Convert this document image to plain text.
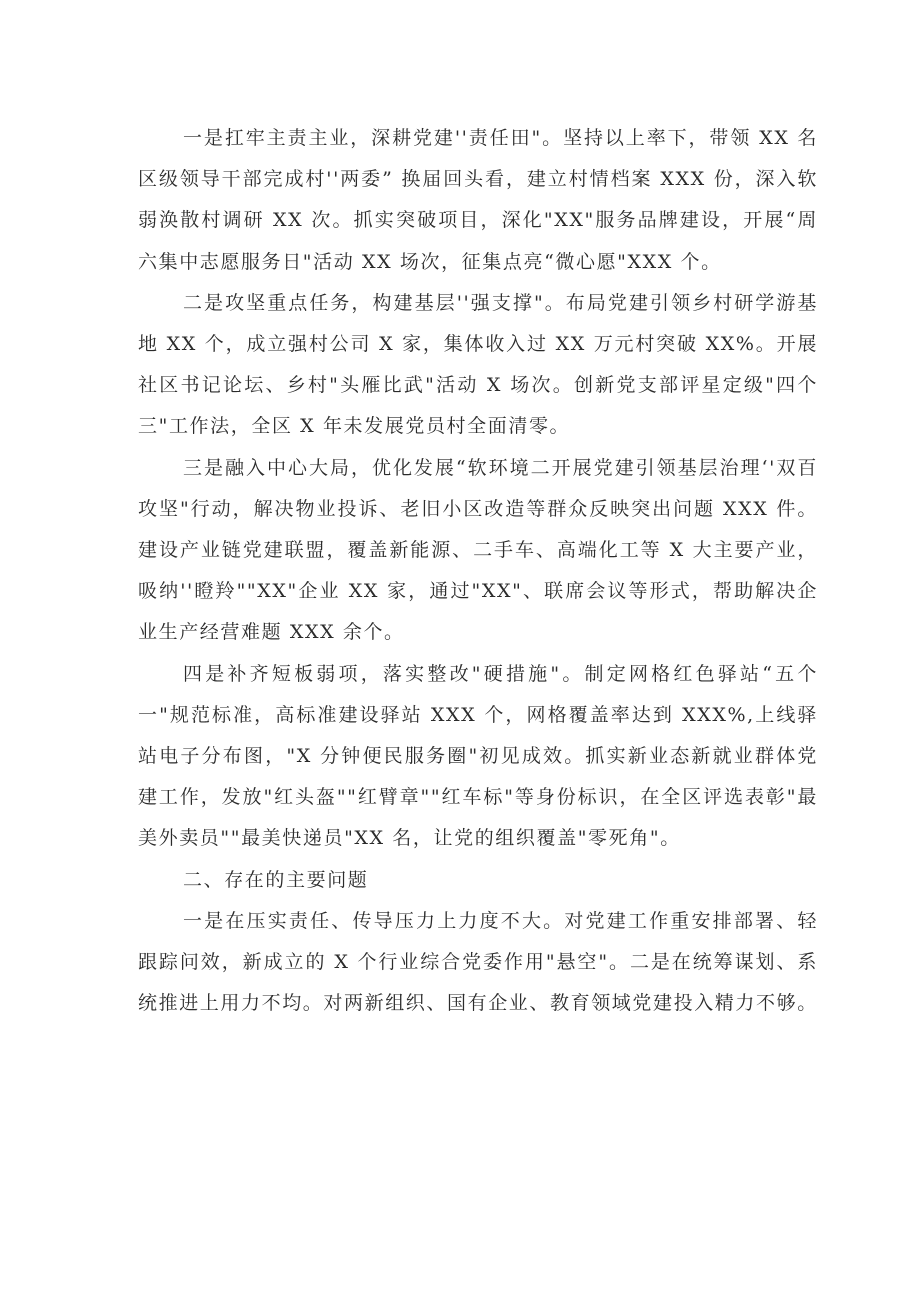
一是扛牢主责主业，深耕党建''责任田"。坚持以上率下，带领 XX 名区级领导干部完成村''两委” 换届回头看，建立村情档案 XXX 份，深入软弱涣散村调研 XX 次。抓实突破项目，深化"XX"服务品牌建设，开展“周六集中志愿服务日"活动 XX 场次，征集点亮“微心愿"XXX 个。

二是攻坚重点任务，构建基层''强支撑"。布局党建引领乡村研学游基地 XX 个，成立强村公司 X 家，集体收入过 XX 万元村突破 XX%。开展社区书记论坛、乡村"头雁比武"活动 X 场次。创新党支部评星定级"四个三"工作法，全区 X 年未发展党员村全面清零。

三是融入中心大局，优化发展“软环境二开展党建引领基层治理‘'双百攻坚"行动，解决物业投诉、老旧小区改造等群众反映突出问题 XXX 件。建设产业链党建联盟，覆盖新能源、二手车、高端化工等 X 大主要产业，吸纳''瞪羚""XX"企业 XX 家，通过"XX"、联席会议等形式，帮助解决企业生产经营难题 XXX 余个。

四是补齐短板弱项，落实整改"硬措施"。制定网格红色驿站“五个一"规范标准，高标准建设驿站 XXX 个，网格覆盖率达到 XXX%,上线驿站电子分布图，"X 分钟便民服务圈"初见成效。抓实新业态新就业群体党建工作，发放"红头盔""红臂章""红车标"等身份标识，在全区评选表彰"最美外卖员""最美快递员"XX 名，让党的组织覆盖"零死角"。

二、存在的主要问题

一是在压实责任、传导压力上力度不大。对党建工作重安排部署、轻跟踪问效，新成立的 X 个行业综合党委作用"悬空"。二是在统筹谋划、系统推进上用力不均。对两新组织、国有企业、教育领域党建投入精力不够。
